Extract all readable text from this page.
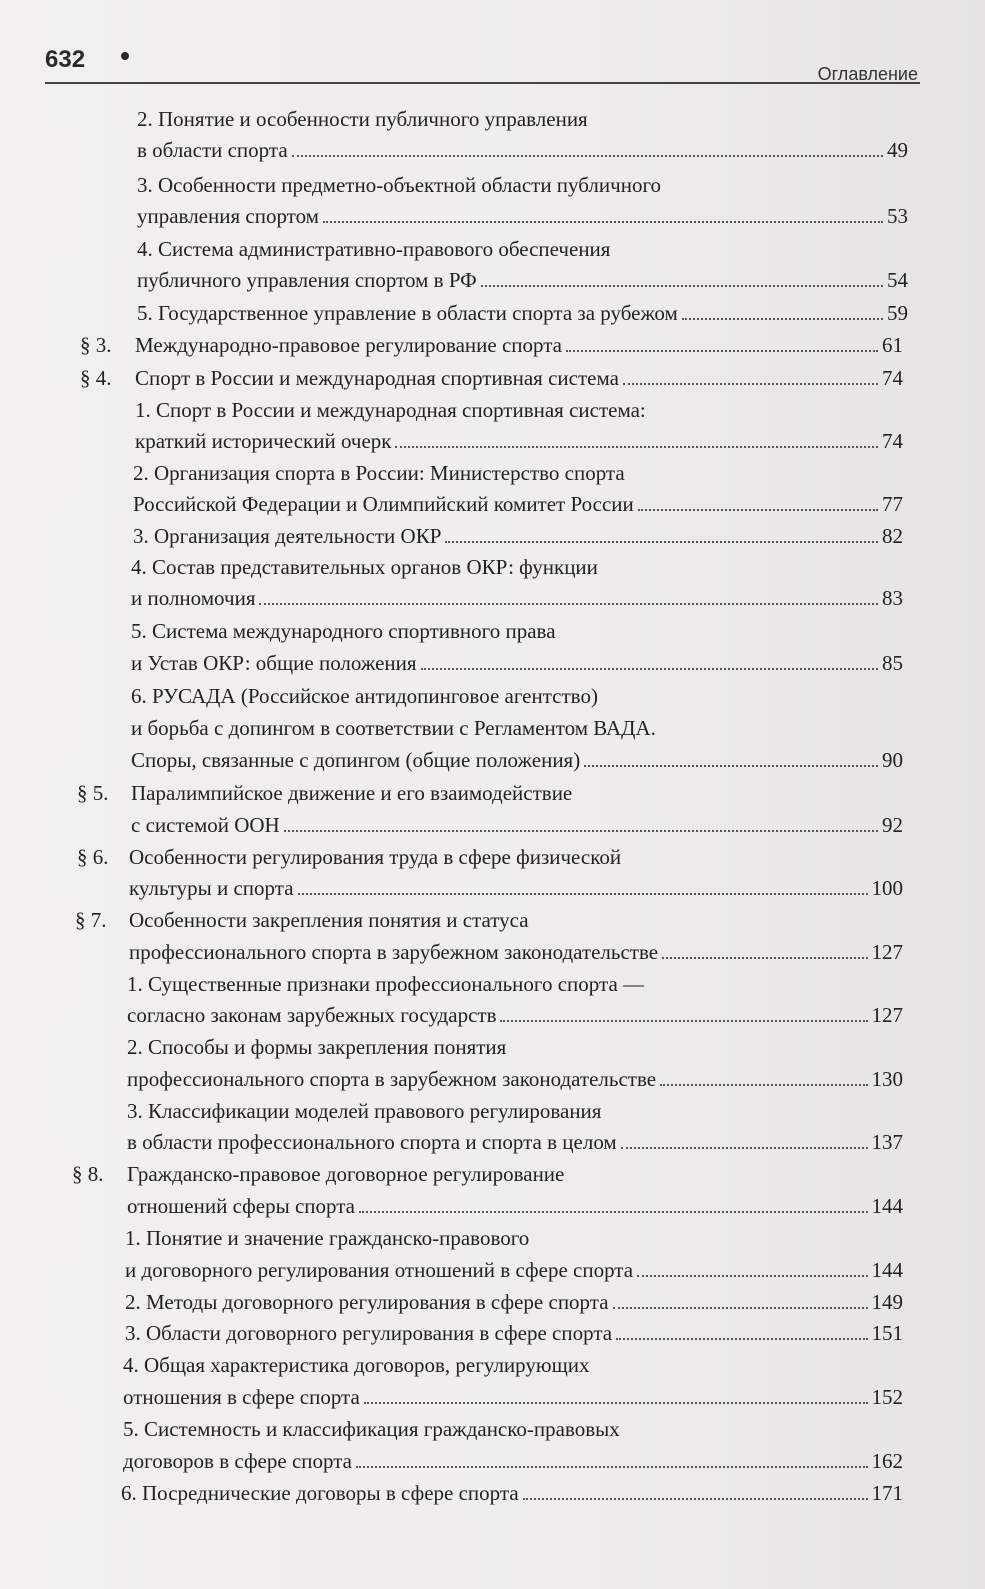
632
Оглавление
2. Понятие и особенности публичного управления
в области спорта	49
3. Особенности предметно-объектной области публичного
управления спортом	53
4. Система административно-правового обеспечения
публичного управления спортом в РФ	54
5. Государственное управление в области спорта за рубежом	59
§ 3. Международно-правовое регулирование спорта	61
§ 4. Спорт в России и международная спортивная система	74
1. Спорт в России и международная спортивная система:
краткий исторический очерк	74
2. Организация спорта в России: Министерство спорта
Российской Федерации и Олимпийский комитет России	77
3. Организация деятельности ОКР	82
4. Состав представительных органов ОКР: функции
и полномочия	83
5. Система международного спортивного права
и Устав ОКР: общие положения	85
6. РУСАДА (Российское антидопинговое агентство)
и борьба с допингом в соответствии с Регламентом ВАДА.
Споры, связанные с допингом (общие положения)	90
§ 5. Паралимпийское движение и его взаимодействие
с системой ООН	92
§ 6. Особенности регулирования труда в сфере физической
культуры и спорта	100
§ 7. Особенности закрепления понятия и статуса
профессионального спорта в зарубежном законодательстве	127
1. Существенные признаки профессионального спорта —
согласно законам зарубежных государств	127
2. Способы и формы закрепления понятия
профессионального спорта в зарубежном законодательстве	130
3. Классификации моделей правового регулирования
в области профессионального спорта и спорта в целом	137
§ 8. Гражданско-правовое договорное регулирование
отношений сферы спорта	144
1. Понятие и значение гражданско-правового
и договорного регулирования отношений в сфере спорта	144
2. Методы договорного регулирования в сфере спорта	149
3. Области договорного регулирования в сфере спорта	151
4. Общая характеристика договоров, регулирующих
отношения в сфере спорта	152
5. Системность и классификация гражданско-правовых
договоров в сфере спорта	162
6. Посреднические договоры в сфере спорта	171
